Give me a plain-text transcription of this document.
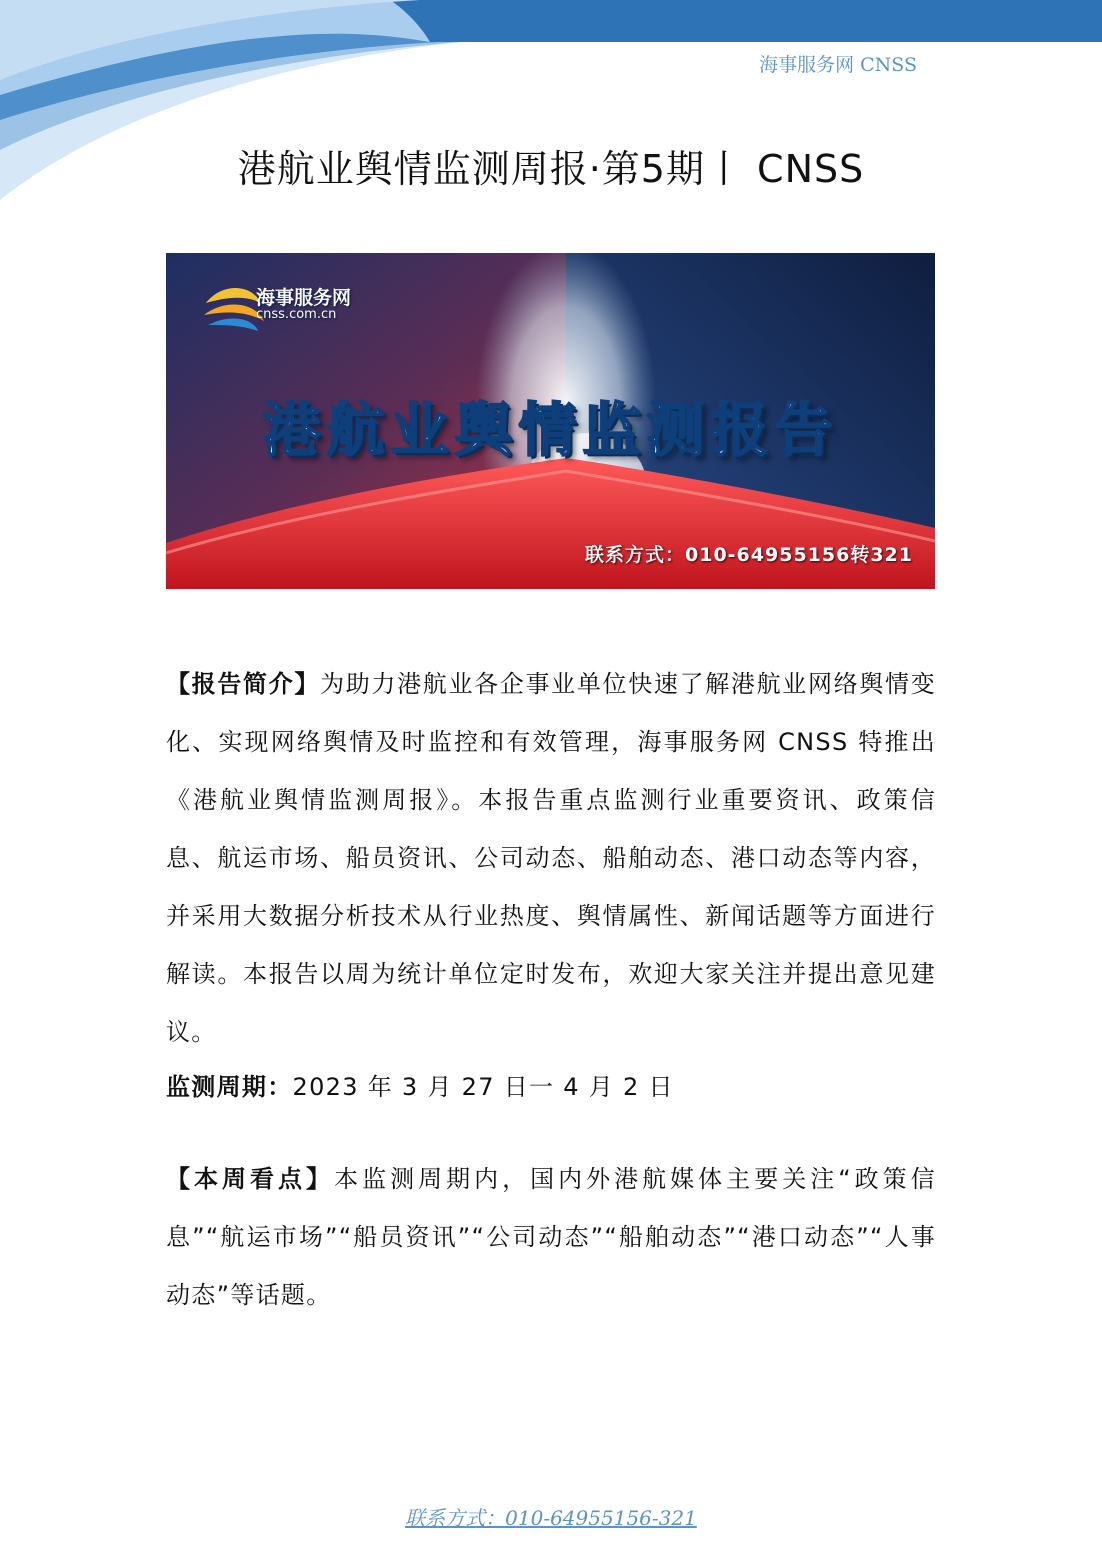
海事服务网 CNSS
港航业舆情监测周报·第5期丨 CNSS
海事服务网
cnss.com.cn
港航业舆情监测报告
联系方式：010-64955156转321

【报告简介】为助力港航业各企事业单位快速了解港航业网络舆情变化、实现网络舆情及时监控和有效管理，海事服务网 CNSS 特推出《港航业舆情监测周报》。本报告重点监测行业重要资讯、政策信息、航运市场、船员资讯、公司动态、船舶动态、港口动态等内容，并采用大数据分析技术从行业热度、舆情属性、新闻话题等方面进行解读。本报告以周为统计单位定时发布，欢迎大家关注并提出意见建议。

监测周期：2023 年 3 月 27 日一 4 月 2 日

【本周看点】本监测周期内，国内外港航媒体主要关注“政策信息”“航运市场”“船员资讯”“公司动态”“船舶动态”“港口动态”“人事动态”等话题。

联系方式：010-64955156-321
